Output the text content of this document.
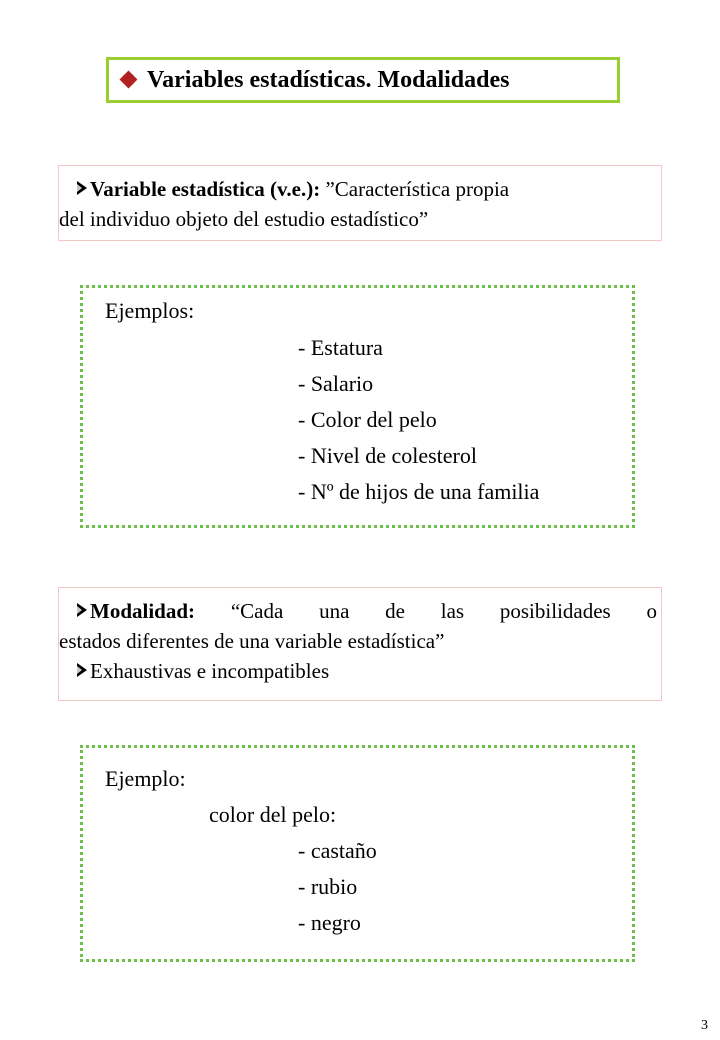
Variables estadísticas. Modalidades
Variable estadística (v.e.): ”Característica propia
del individuo objeto del estudio estadístico”
Ejemplos:
- Estatura
- Salario
- Color del pelo
- Nivel de colesterol
- Nº de hijos de una familia
Modalidad: “Cada una de las posibilidades o
estados diferentes de una variable estadística”
Exhaustivas e incompatibles
Ejemplo:
color del pelo:
- castaño
- rubio
- negro
3
